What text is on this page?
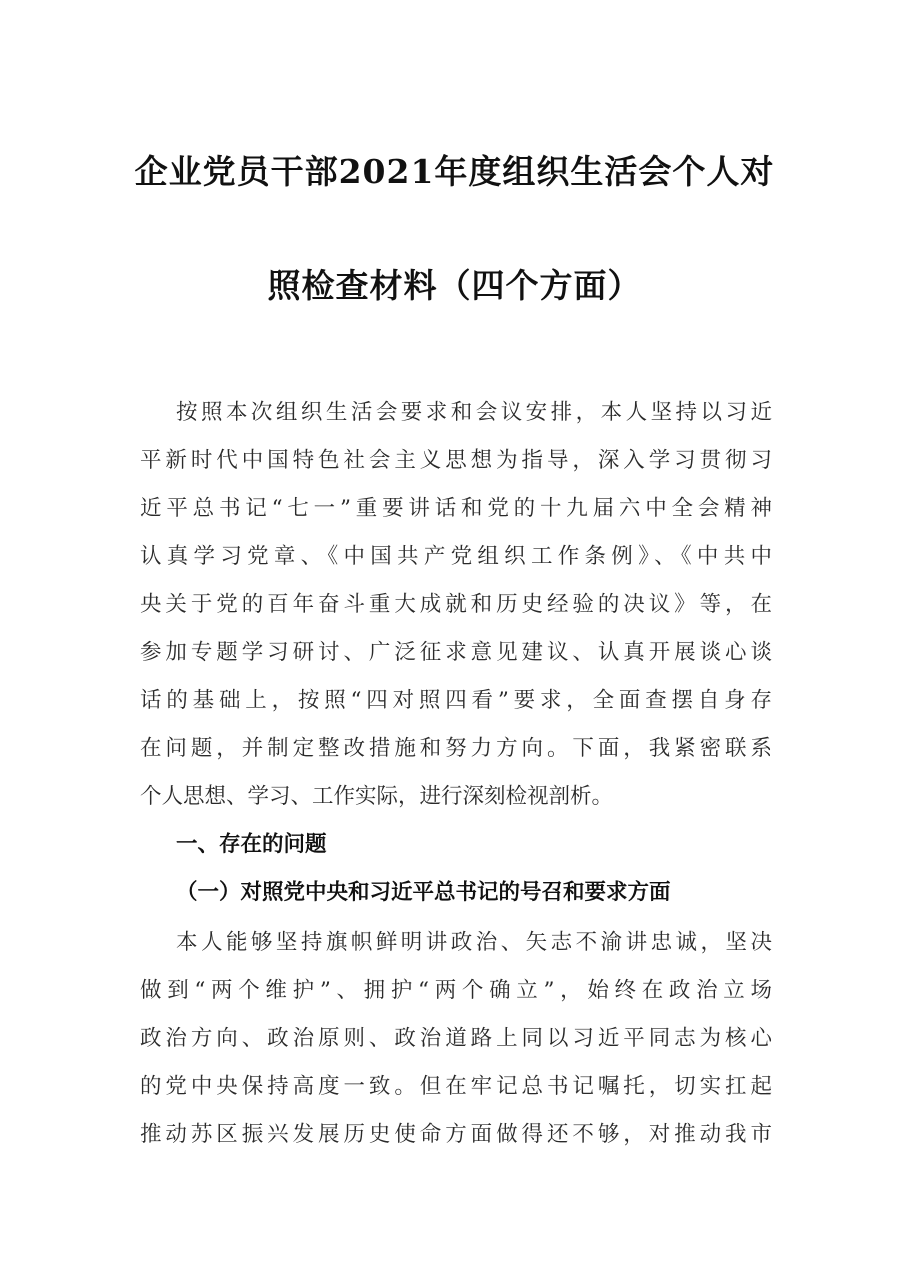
企业党员干部2021年度组织生活会个人对
照检查材料（四个方面）
按照本次组织生活会要求和会议安排，本人坚持以习近
平新时代中国特色社会主义思想为指导，深入学习贯彻习
近平总书记“七一”重要讲话和党的十九届六中全会精神
认真学习党章、《中国共产党组织工作条例》、《中共中
央关于党的百年奋斗重大成就和历史经验的决议》等，在
参加专题学习研讨、广泛征求意见建议、认真开展谈心谈
话的基础上，按照“四对照四看”要求，全面查摆自身存
在问题，并制定整改措施和努力方向。下面，我紧密联系
个人思想、学习、工作实际，进行深刻检视剖析。
一、存在的问题
（一）对照党中央和习近平总书记的号召和要求方面
本人能够坚持旗帜鲜明讲政治、矢志不渝讲忠诚，坚决
做到“两个维护”、拥护“两个确立”，始终在政治立场
政治方向、政治原则、政治道路上同以习近平同志为核心
的党中央保持高度一致。但在牢记总书记嘱托，切实扛起
推动苏区振兴发展历史使命方面做得还不够，对推动我市
